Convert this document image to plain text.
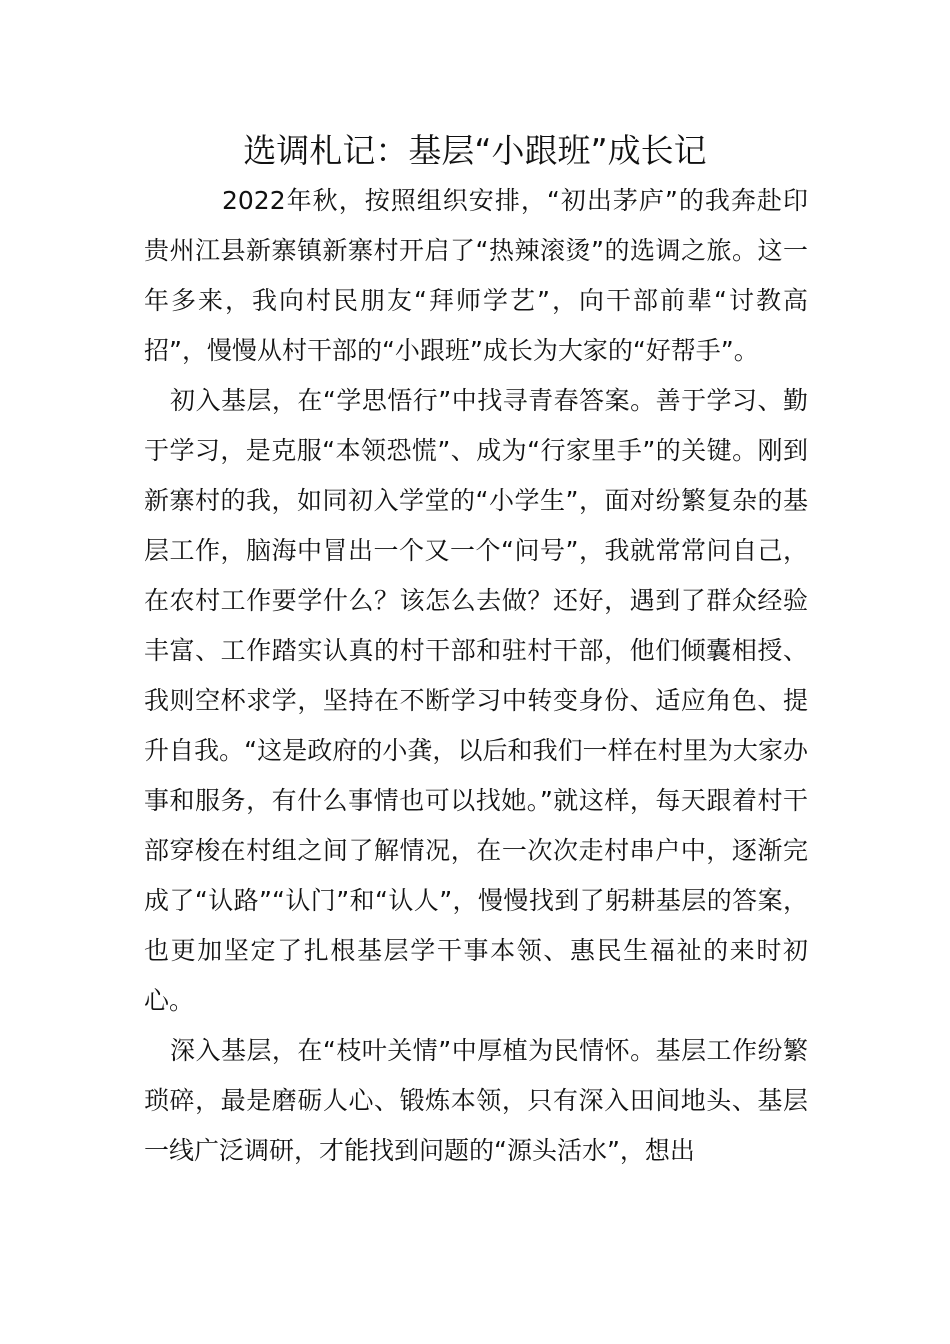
选调札记：基层“小跟班”成长记

2022年秋，按照组织安排，“初出茅庐”的我奔赴印贵州江县新寨镇新寨村开启了“热辣滚烫”的选调之旅。这一年多来，我向村民朋友“拜师学艺”，向干部前辈“讨教高招”，慢慢从村干部的“小跟班”成长为大家的“好帮手”。

初入基层，在“学思悟行”中找寻青春答案。善于学习、勤于学习，是克服“本领恐慌”、成为“行家里手”的关键。刚到新寨村的我，如同初入学堂的“小学生”，面对纷繁复杂的基层工作，脑海中冒出一个又一个“问号”，我就常常问自己，在农村工作要学什么？该怎么去做？还好，遇到了群众经验丰富、工作踏实认真的村干部和驻村干部，他们倾囊相授、我则空杯求学，坚持在不断学习中转变身份、适应角色、提升自我。“这是政府的小龚，以后和我们一样在村里为大家办事和服务，有什么事情也可以找她。”就这样，每天跟着村干部穿梭在村组之间了解情况，在一次次走村串户中，逐渐完成了“认路”“认门”和“认人”，慢慢找到了躬耕基层的答案，也更加坚定了扎根基层学干事本领、惠民生福祉的来时初心。

深入基层，在“枝叶关情”中厚植为民情怀。基层工作纷繁琐碎，最是磨砺人心、锻炼本领，只有深入田间地头、基层一线广泛调研，才能找到问题的“源头活水”，想出
